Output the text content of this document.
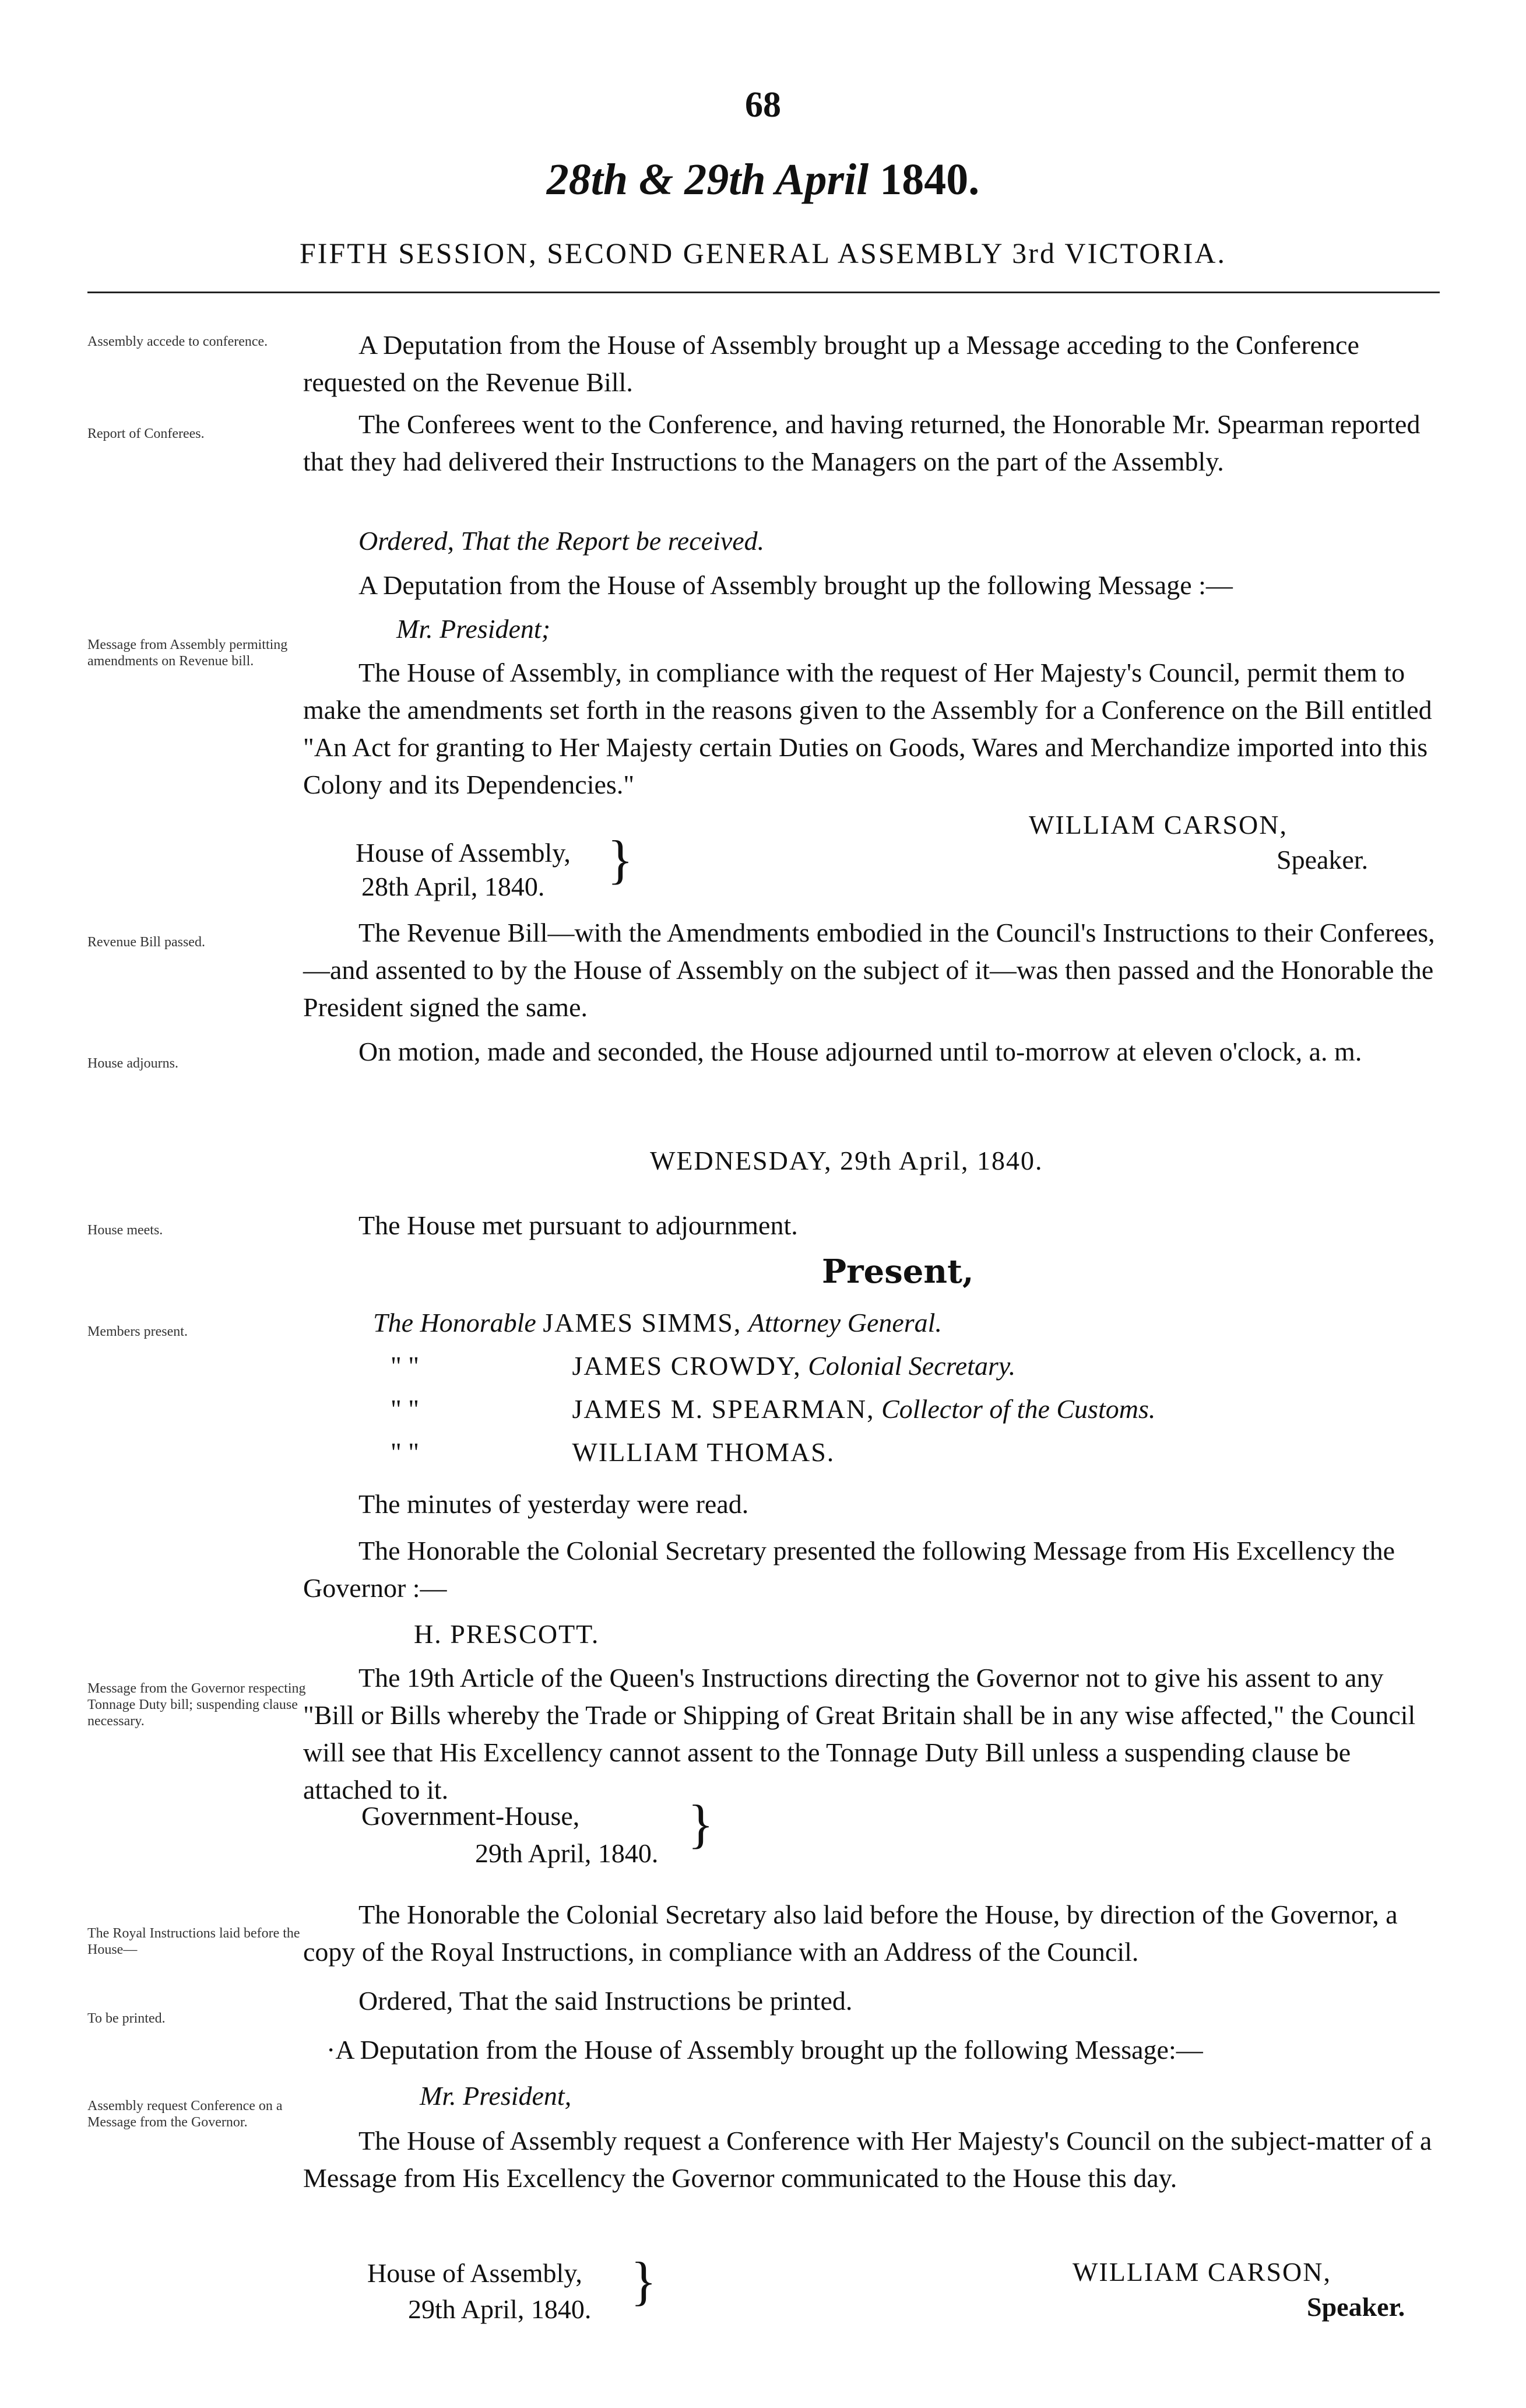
68
28th & 29th April 1840.
FIFTH SESSION, SECOND GENERAL ASSEMBLY 3rd VICTORIA.
Assembly accede to conference.
Report of Conferees.
Message from Assembly permitting amendments on Revenue bill.
Revenue Bill passed.
House adjourns.
House meets.
Members present.
Message from the Governor respecting Tonnage Duty bill; suspending clause necessary.
The Royal Instructions laid before the House—
To be printed.
Assembly request Conference on a Message from the Governor.
A Deputation from the House of Assembly brought up a Message acceding to the Conference requested on the Revenue Bill.
The Conferees went to the Conference, and having returned, the Honorable Mr. Spearman reported that they had delivered their Instructions to the Managers on the part of the Assembly.
Ordered, That the Report be received.
A Deputation from the House of Assembly brought up the following Message :—
Mr. President;
The House of Assembly, in compliance with the request of Her Majesty's Council, permit them to make the amendments set forth in the reasons given to the Assembly for a Conference on the Bill entitled "An Act for granting to Her Majesty certain Duties on Goods, Wares and Merchandize imported into this Colony and its Dependencies."
WILLIAM CARSON,
Speaker.
House of Assembly,
28th April, 1840. }
The Revenue Bill—with the Amendments embodied in the Council's Instructions to their Conferees,—and assented to by the House of Assembly on the subject of it—was then passed and the Honorable the President signed the same.
On motion, made and seconded, the House adjourned until to-morrow at eleven o'clock, a. m.
WEDNESDAY, 29th April, 1840.
The House met pursuant to adjournment.
Present,
The Honorable JAMES SIMMS, Attorney General.
" "	JAMES CROWDY, Colonial Secretary.
" "	JAMES M. SPEARMAN, Collector of the Customs.
" "	WILLIAM THOMAS.
The minutes of yesterday were read.
The Honorable the Colonial Secretary presented the following Message from His Excellency the Governor :—
H. PRESCOTT.
The 19th Article of the Queen's Instructions directing the Governor not to give his assent to any "Bill or Bills whereby the Trade or Shipping of Great Britain shall be in any wise affected," the Council will see that His Excellency cannot assent to the Tonnage Duty Bill unless a suspending clause be attached to it.
Government-House,
29th April, 1840. }
The Honorable the Colonial Secretary also laid before the House, by direction of the Governor, a copy of the Royal Instructions, in compliance with an Address of the Council.
Ordered, That the said Instructions be printed.
·A Deputation from the House of Assembly brought up the following Message:—
Mr. President,
The House of Assembly request a Conference with Her Majesty's Council on the subject-matter of a Message from His Excellency the Governor communicated to the House this day.
House of Assembly,
29th April, 1840. }	WILLIAM CARSON,
Speaker.
